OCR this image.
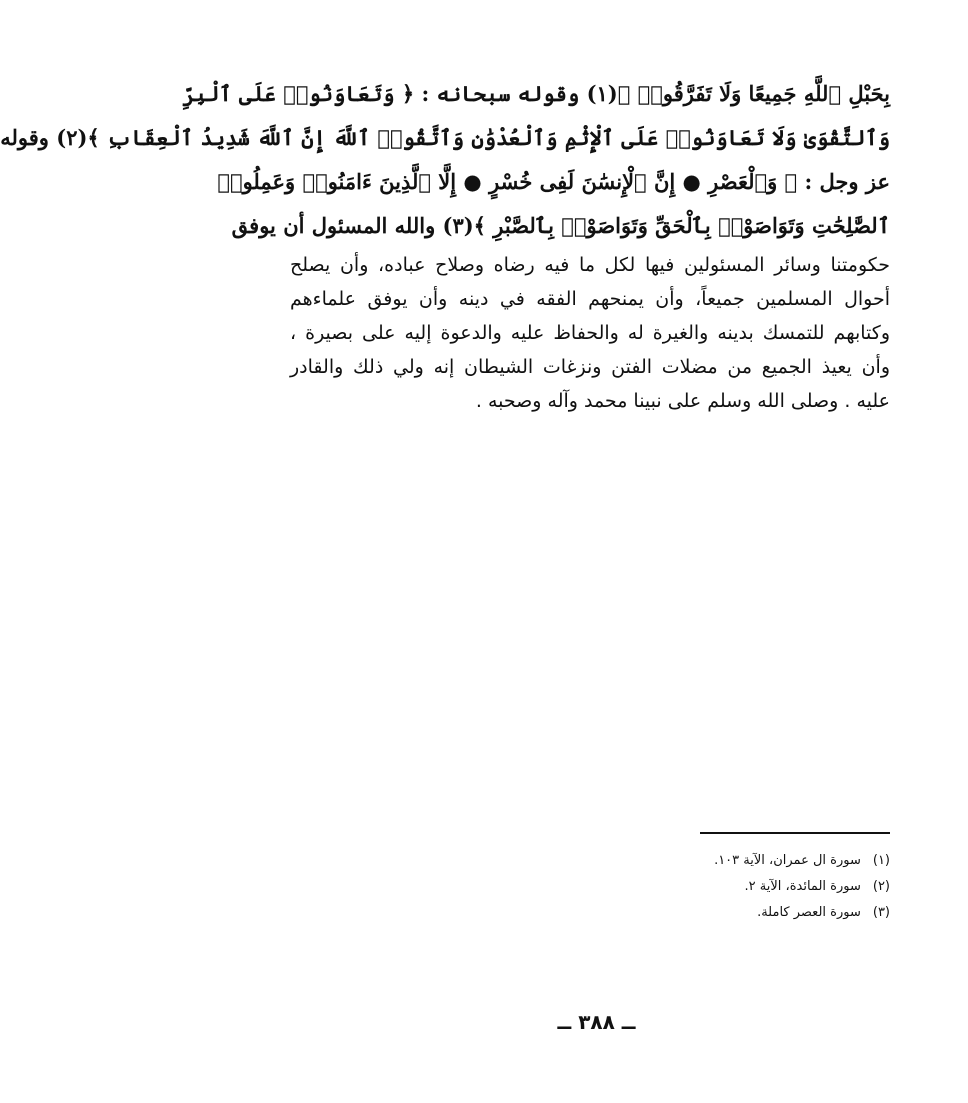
بِحَبْلِ ٱللَّهِ جَمِيعًا وَلَا تَفَرَّقُوا۟ ﴾(١) وقوله سبحانه : ﴿ وَتَعَاوَنُوا۟ عَلَى ٱلْبِرِّ
وَٱلتَّقْوَىٰ وَلَا تَعَاوَنُوا۟ عَلَى ٱلْإِثْمِ وَٱلْعُدْوَٰنِ وَٱتَّقُوا۟ ٱللَّهَ إِنَّ ٱللَّهَ شَدِيدُ ٱلْعِقَابِ ﴾(٢) وقوله
عز وجل : ﴿ وَٱلْعَصْرِ ● إِنَّ ٱلْإِنسَٰنَ لَفِى خُسْرٍ ● إِلَّا ٱلَّذِينَ ءَامَنُوا۟ وَعَمِلُوا۟
ٱلصَّٰلِحَٰتِ وَتَوَاصَوْا۟ بِٱلْحَقِّ وَتَوَاصَوْا۟ بِٱلصَّبْرِ ﴾(٣) والله المسئول أن يوفق
حكومتنا وسائر المسئولين فيها لكل ما فيه رضاه وصلاح عباده، وأن يصلح
أحوال المسلمين جميعاً، وأن يمنحهم الفقه في دينه وأن يوفق علماءهم
وكتابهم للتمسك بدينه والغيرة له والحفاظ عليه والدعوة إليه على بصيرة ،
وأن يعيذ الجميع من مضلات الفتن ونزغات الشيطان إنه ولي ذلك والقادر
عليه . وصلى الله وسلم على نبينا محمد وآله وصحبه .
(١)
سورة ال عمران، الآية ١٠٣.
(٢)
سورة المائدة، الآية ٢.
(٣)
سورة العصر كاملة.
ــ ٣٨٨ ــ
